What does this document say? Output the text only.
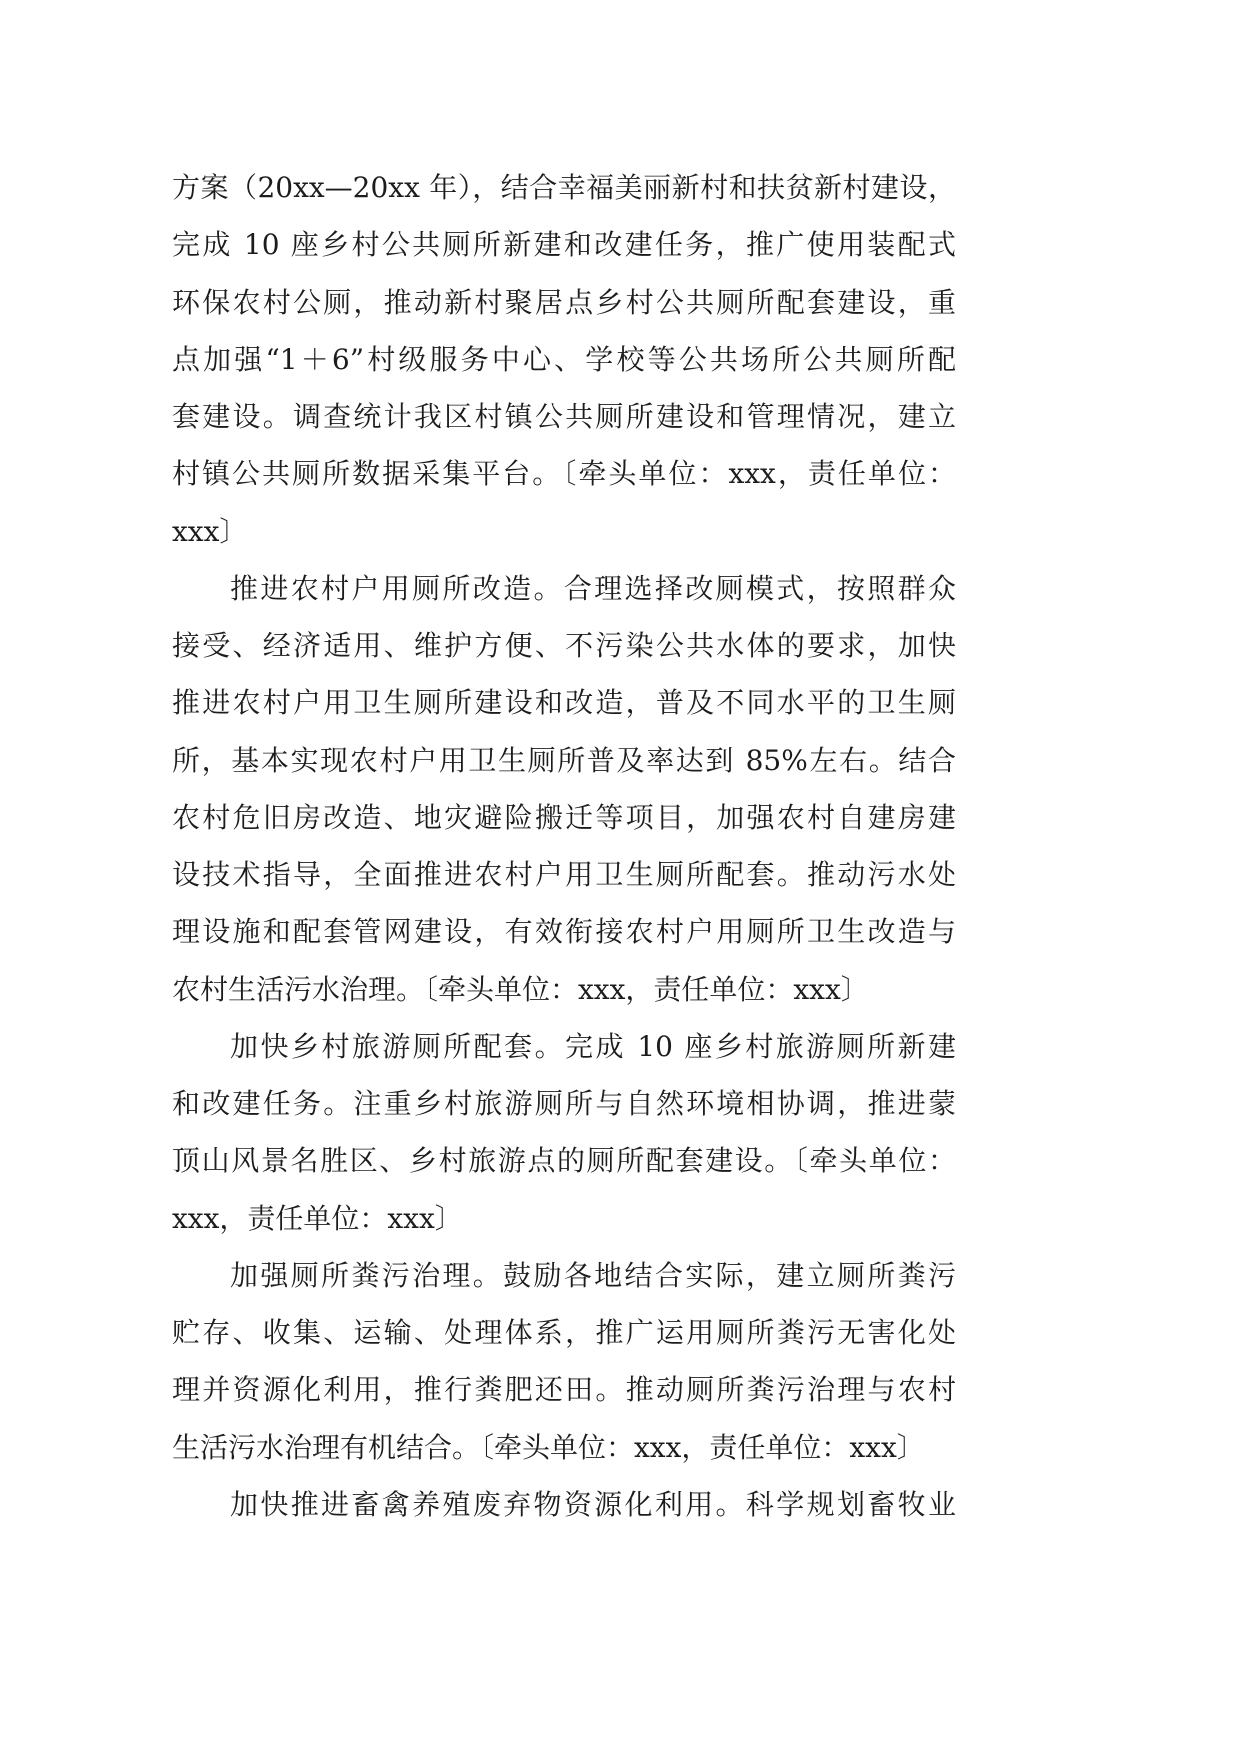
方案（20xx—20xx 年），结合幸福美丽新村和扶贫新村建设，
完成 10 座乡村公共厕所新建和改建任务，推广使用装配式
环保农村公厕，推动新村聚居点乡村公共厕所配套建设，重
点加强“1＋6”村级服务中心、学校等公共场所公共厕所配
套建设。调查统计我区村镇公共厕所建设和管理情况，建立
村镇公共厕所数据采集平台。〔牵头单位：xxx，责任单位：
xxx〕
推进农村户用厕所改造。合理选择改厕模式，按照群众
接受、经济适用、维护方便、不污染公共水体的要求，加快
推进农村户用卫生厕所建设和改造，普及不同水平的卫生厕
所，基本实现农村户用卫生厕所普及率达到 85%左右。结合
农村危旧房改造、地灾避险搬迁等项目，加强农村自建房建
设技术指导，全面推进农村户用卫生厕所配套。推动污水处
理设施和配套管网建设，有效衔接农村户用厕所卫生改造与
农村生活污水治理。〔牵头单位：xxx，责任单位：xxx〕
加快乡村旅游厕所配套。完成 10 座乡村旅游厕所新建
和改建任务。注重乡村旅游厕所与自然环境相协调，推进蒙
顶山风景名胜区、乡村旅游点的厕所配套建设。〔牵头单位：
xxx，责任单位：xxx〕
加强厕所粪污治理。鼓励各地结合实际，建立厕所粪污
贮存、收集、运输、处理体系，推广运用厕所粪污无害化处
理并资源化利用，推行粪肥还田。推动厕所粪污治理与农村
生活污水治理有机结合。〔牵头单位：xxx，责任单位：xxx〕
加快推进畜禽养殖废弃物资源化利用。科学规划畜牧业
